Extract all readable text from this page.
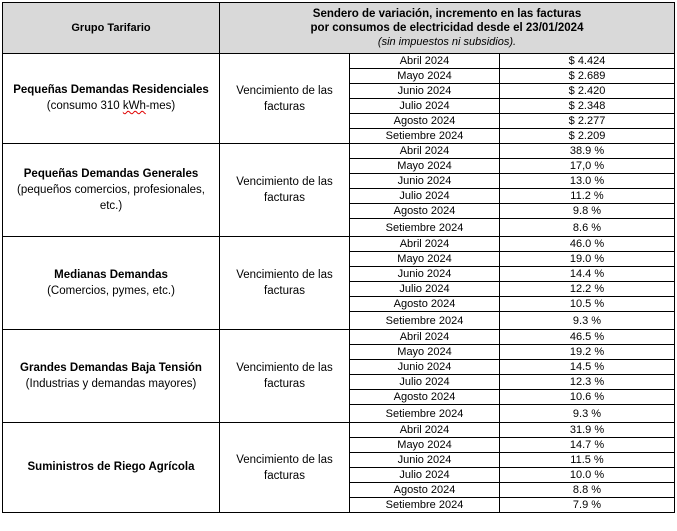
Grupo Tarifario	Sendero de variación, incremento en las facturas
por consumos de electricidad desde el 23/01/2024
(sin impuestos ni subsidios).		

Pequeñas Demandas Residenciales
(consumo 310 kWh-mes)	Vencimiento de las facturas	Abril 2024	$ 4.424
		Mayo 2024	$ 2.689
		Junio 2024	$ 2.420
		Julio 2024	$ 2.348
		Agosto 2024	$ 2.277
		Setiembre 2024	$ 2.209

Pequeñas Demandas Generales
(pequeños comercios, profesionales, etc.)	Vencimiento de las facturas	Abril 2024	38.9 %
		Mayo 2024	17,0 %
		Junio 2024	13.0 %
		Julio 2024	11.2 %
		Agosto 2024	9.8 %
		Setiembre 2024	8.6 %

Medianas Demandas
(Comercios, pymes, etc.)	Vencimiento de las facturas	Abril 2024	46.0 %
		Mayo 2024	19.0 %
		Junio 2024	14.4 %
		Julio 2024	12.2 %
		Agosto 2024	10.5 %
		Setiembre 2024	9.3 %

Grandes Demandas Baja Tensión
(Industrias y demandas mayores)	Vencimiento de las facturas	Abril 2024	46.5 %
		Mayo 2024	19.2 %
		Junio 2024	14.5 %
		Julio 2024	12.3 %
		Agosto 2024	10.6 %
		Setiembre 2024	9.3 %

Suministros de Riego Agrícola	Vencimiento de las facturas	Abril 2024	31.9 %
		Mayo 2024	14.7 %
		Junio 2024	11.5 %
		Julio 2024	10.0 %
		Agosto 2024	8.8 %
		Setiembre 2024	7.9 %
